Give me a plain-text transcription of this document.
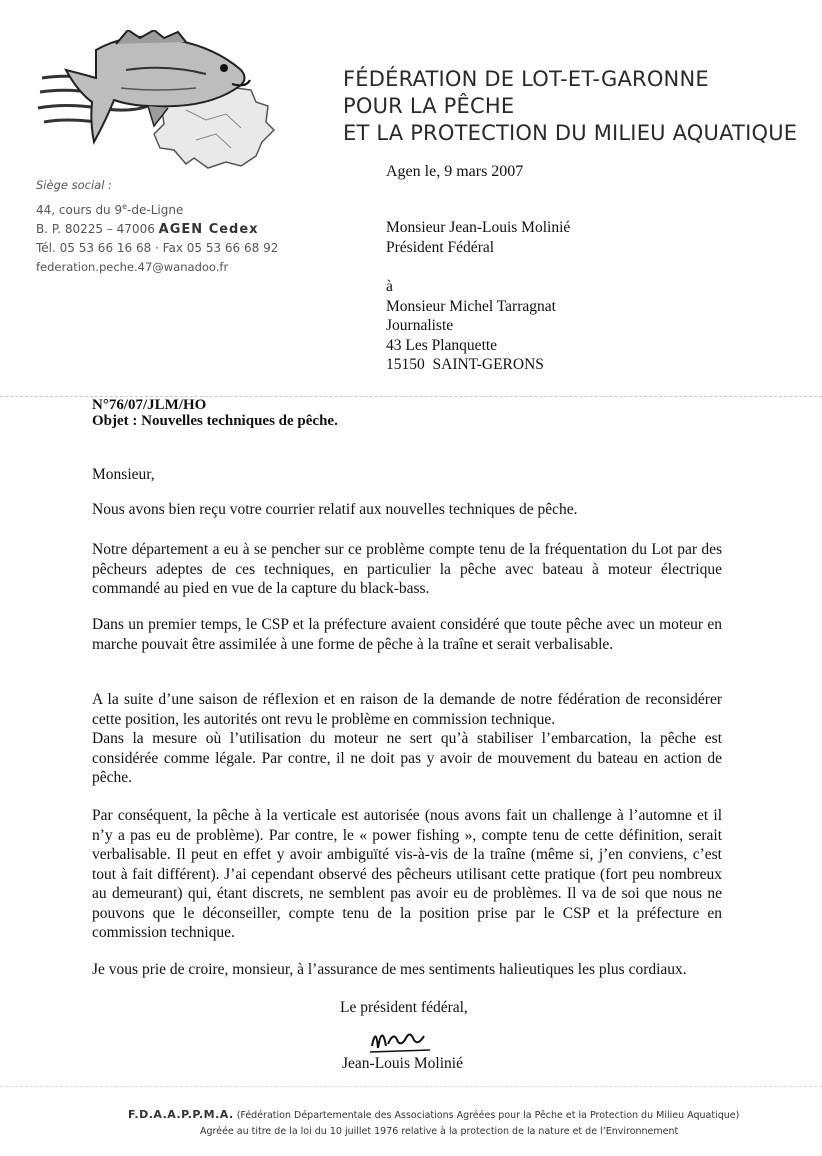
FÉDÉRATION DE LOT-ET-GARONNE
POUR LA PÊCHE
ET LA PROTECTION DU MILIEU AQUATIQUE
Agen le, 9 mars 2007
Siège social :
44, cours du 9e-de-Ligne
B. P. 80225 – 47006 AGEN Cedex
Tél. 05 53 66 16 68 · Fax 05 53 66 68 92
federation.peche.47@wanadoo.fr
Monsieur Jean-Louis Molinié
Président Fédéral
à
Monsieur Michel Tarragnat
Journaliste
43 Les Planquette
15150  SAINT-GERONS
N°76/07/JLM/HO
Objet : Nouvelles techniques de pêche.
Monsieur,
Nous avons bien reçu votre courrier relatif aux nouvelles techniques de pêche.
Notre département a eu à se pencher sur ce problème compte tenu de la fréquentation du Lot par des pêcheurs adeptes de ces techniques, en particulier la pêche avec bateau à moteur électrique commandé au pied en vue de la capture du black-bass.
Dans un premier temps, le CSP et la préfecture avaient considéré que toute pêche avec un moteur en marche pouvait être assimilée à une forme de pêche à la traîne et serait verbalisable.
A la suite d’une saison de réflexion et en raison de la demande de notre fédération de reconsidérer cette position, les autorités ont revu le problème en commission technique.
Dans la mesure où l’utilisation du moteur ne sert qu’à stabiliser l’embarcation, la pêche est considérée comme légale. Par contre, il ne doit pas y avoir de mouvement du bateau en action de pêche.
Par conséquent, la pêche à la verticale est autorisée (nous avons fait un challenge à l’automne et il n’y a pas eu de problème). Par contre, le « power fishing », compte tenu de cette définition, serait verbalisable. Il peut en effet y avoir ambiguïté vis-à-vis de la traîne (même si, j’en conviens, c’est tout à fait différent). J’ai cependant observé des pêcheurs utilisant cette pratique (fort peu nombreux au demeurant) qui, étant discrets, ne semblent pas avoir eu de problèmes. Il va de soi que nous ne pouvons que le déconseiller, compte tenu de la position prise par le CSP et la préfecture en commission technique.
Je vous prie de croire, monsieur, à l’assurance de mes sentiments halieutiques les plus cordiaux.
Le président fédéral,
Jean-Louis Molinié
F.D.A.A.P.P.M.A. (Fédération Départementale des Associations Agréées pour la Pêche et la Protection du Milieu Aquatique)
Agréée au titre de la loi du 10 juillet 1976 relative à la protection de la nature et de l’Environnement
